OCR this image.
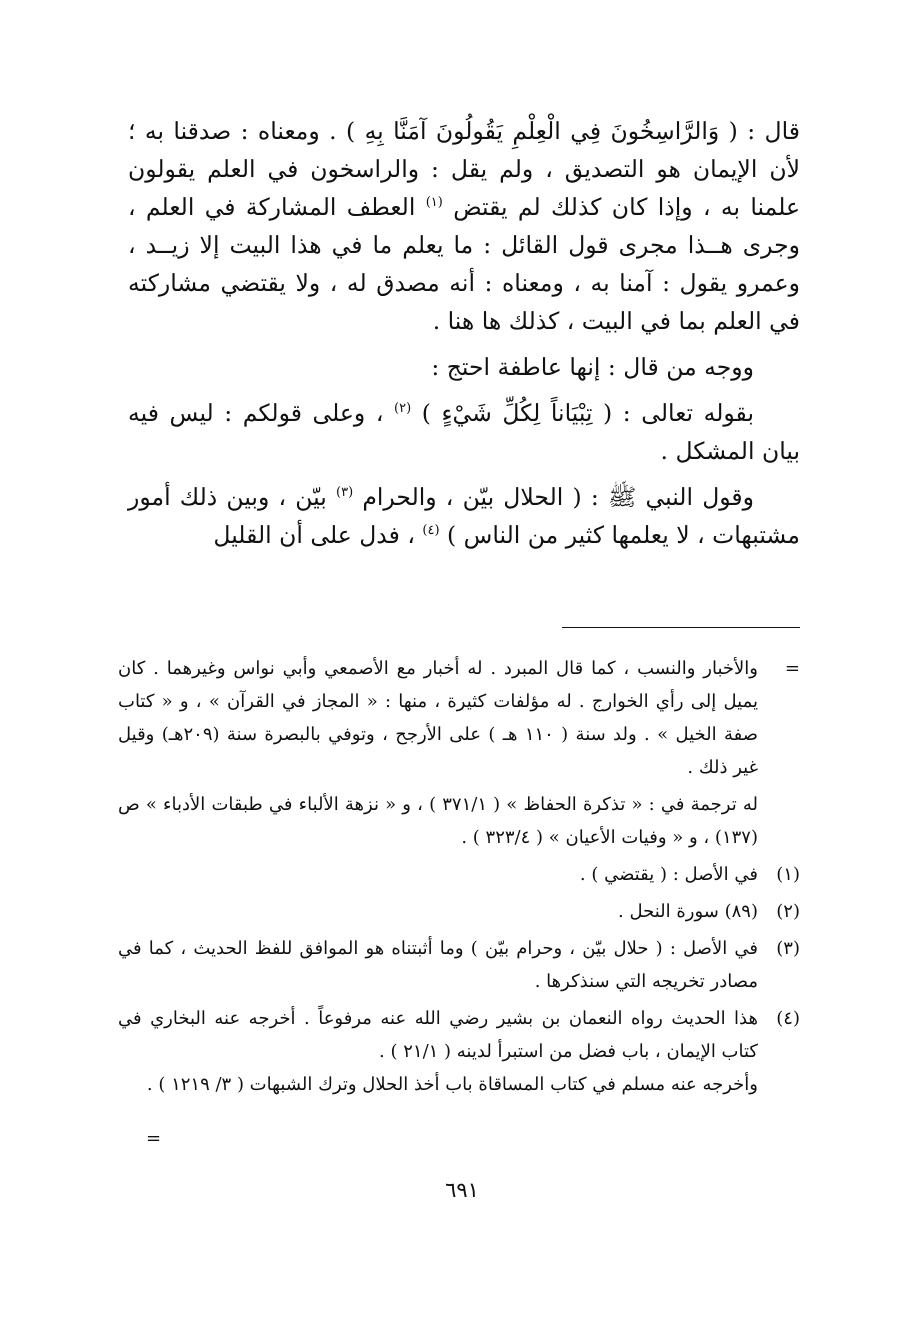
قال : ( وَالرَّاسِخُونَ فِي الْعِلْمِ يَقُولُونَ آمَنَّا بِهِ ) . ومعناه : صدقنا به ؛ لأن الإيمان هو التصديق ، ولم يقل : والراسخون في العلم يقولون علمنا به ، وإذا كان كذلك لم يقتض $^{(١)}$ العطف المشاركة في العلم ، وجرى هــذا مجرى قول القائل : ما يعلم ما في هذا البيت إلا زيــد ، وعمرو يقول : آمنا به ، ومعناه : أنه مصدق له ، ولا يقتضي مشاركته في العلم بما في البيت ، كذلك ها هنا .

ووجه من قال : إنها عاطفة احتج :

بقوله تعالى : ( تِبْيَاناً لِكُلِّ شَيْءٍ ) $^{(٢)}$ ، وعلى قولكم : ليس فيه بيان المشكل .

وقول النبي ﷺ : ( الحلال بيّن ، والحرام $^{(٣)}$ بيّن ، وبين ذلك أمور مشتبهات ، لا يعلمها كثير من الناس ) $^{(٤)}$ ، فدل على أن القليل

=

والأخبار والنسب ، كما قال المبرد . له أخبار مع الأصمعي وأبي نواس وغيرهما . كان يميل إلى رأي الخوارج . له مؤلفات كثيرة ، منها : « المجاز في القرآن » ، و « كتاب صفة الخيل » . ولد سنة ( ١١٠ هـ ) على الأرجح ، وتوفي بالبصرة سنة (٢٠٩هـ) وقيل غير ذلك .

له ترجمة في : « تذكرة الحفاظ » ( ٣٧١/١ ) ، و « نزهة الألباء في طبقات الأدباء » ص (١٣٧) ، و « وفيات الأعيان » ( ٣٢٣/٤ ) .

(١)

في الأصل : ( يقتضي ) .

(٢)

(٨٩) سورة النحل .

(٣)

في الأصل : ( حلال بيّن ، وحرام بيّن ) وما أثبتناه هو الموافق للفظ الحديث ، كما في مصادر تخريجه التي سنذكرها .

(٤)

هذا الحديث رواه النعمان بن بشير رضي الله عنه مرفوعاً . أخرجه عنه البخاري في كتاب الإيمان ، باب فضل من استبرأ لدينه ( ٢١/١ ) .

وأخرجه عنه مسلم في كتاب المساقاة باب أخذ الحلال وترك الشبهات ( ٣/ ١٢١٩ ) .

=
٦٩١
